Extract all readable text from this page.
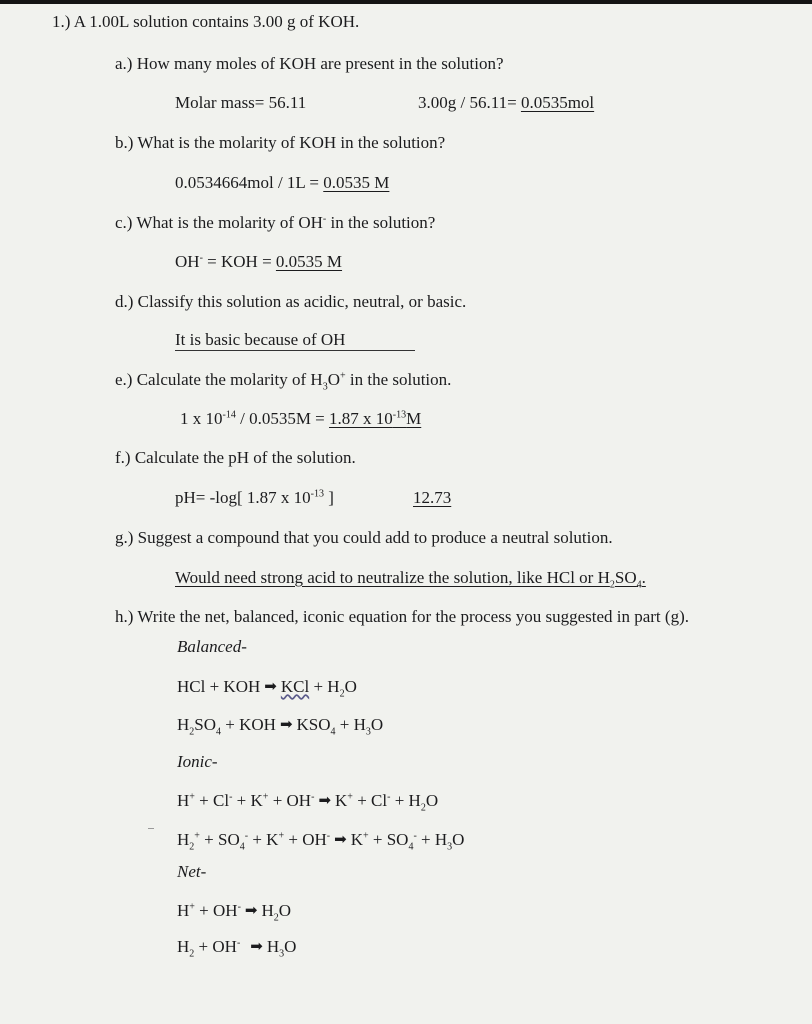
1.) A 1.00L solution contains 3.00 g of KOH.
a.) How many moles of KOH are present in the solution?
Molar mass= 56.11	3.00g / 56.11= 0.0535mol
b.) What is the molarity of KOH in the solution?
0.0534664mol / 1L = 0.0535 M
c.) What is the molarity of OH- in the solution?
OH- = KOH = 0.0535 M
d.) Classify this solution as acidic, neutral, or basic.
It is basic because of OH
e.) Calculate the molarity of $H_3O^+$ in the solution.
1 x $10^{-14} / 0.0535M = 1.87$ x $10^{-13}M$
f.) Calculate the pH of the solution.
pH= -log[ 1.87 x $10^{-13}$ ]	12.73
g.) Suggest a compound that you could add to produce a neutral solution.
Would need strong acid to neutralize the solution, like HCl or $H_2SO_4$.
h.) Write the net, balanced, iconic equation for the process you suggested in part (g).
Balanced-
HCl + KOH ➡ KCl + $H_2O$
$H_2SO_4$ + KOH ➡ $KSO_4 + H_3O$
Ionic-
H+ + Cl- + K+ + OH- ➡ $K^+ + Cl^- + H_2O$
$H_2^+ + SO_4^- + K^+ + OH^-$ ➡ $K^+ + SO_4^- + H_3O$
Net-
H+ + OH- ➡ $H_2O$
$H_2 + OH^-$ ➡ $H_3O$
